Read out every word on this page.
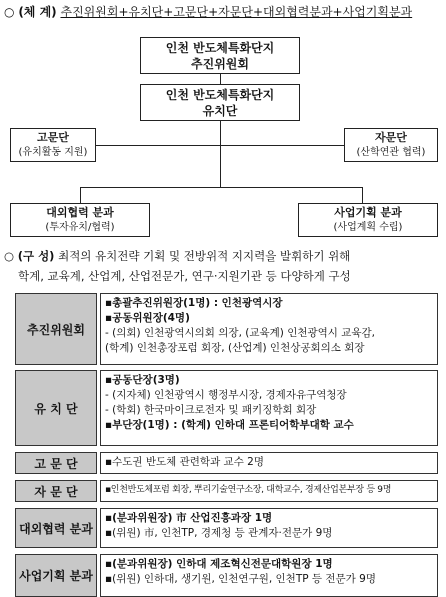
○ (체 계) 추진위원회+유치단+고문단+자문단+대외협력분과+사업기획분과
인천 반도체특화단지
추진위원회
인천 반도체특화단지
유치단
고문단
(유치활동 지원)
자문단
(산학연관 협력)
대외협력 분과
(투자유치/협력)
사업기획 분과
(사업계획 수립)
○ (구 성) 최적의 유치전략 기획 및 전방위적 지지력을 발휘하기 위해
학계, 교육계, 산업계, 산업전문가, 연구·지원기관 등 다양하게 구성
추진위원회
▪총괄추진위원장(1명) : 인천광역시장
▪공동위원장(4명)
- (의회) 인천광역시의회 의장, (교육계) 인천광역시 교육감,
(학계) 인천총장포럼 회장, (산업계) 인천상공회의소 회장
유 치 단
▪공동단장(3명)
- (지자체) 인천광역시 행정부시장, 경제자유구역청장
- (학회) 한국마이크로전자 및 패키징학회 회장
▪부단장(1명) : (학계) 인하대 프론티어학부대학 교수
고 문 단	▪수도권 반도체 관련학과 교수 2명
자 문 단	▪인천반도체포럼 회장, 뿌리기술연구소장, 대학교수, 경제산업본부장 등 9명
대외협력 분과
▪(분과위원장) 市 산업진흥과장 1명
▪(위원) 市, 인천TP, 경제청 등 관계자·전문가 9명
사업기획 분과
▪(분과위원장) 인하대 제조혁신전문대학원장 1명
▪(위원) 인하대, 생기원, 인천연구원, 인천TP 등 전문가 9명
